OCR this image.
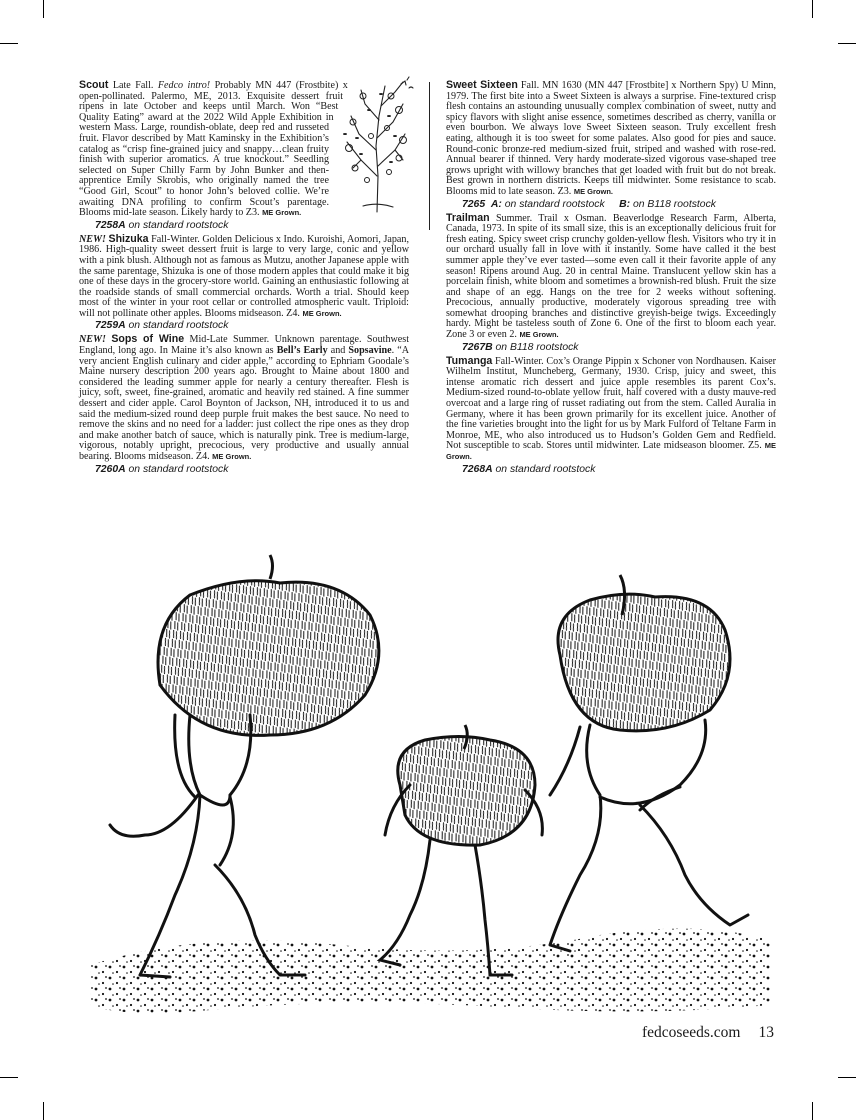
Scout Late Fall. Fedco intro! Probably MN 447 (Frostbite) x open-pollinated. Palermo, ME, 2013. Exquisite dessert fruit ripens in late October and keeps until March. Won “Best Quality Eating” award at the 2022 Wild Apple Exhibition in western Mass. Large, roundish-oblate, deep red and russeted fruit. Flavor described by Matt Kaminsky in the Exhibition’s catalog as “crisp fine-grained juicy and snappy…clean fruity finish with superior aromatics. A true knockout.” Seedling selected on Super Chilly Farm by John Bunker and then-apprentice Emily Skrobis, who originally named the tree “Good Girl, Scout” to honor John’s beloved collie. We’re awaiting DNA profiling to confirm Scout’s parentage. Blooms mid-late season. Likely hardy to Z3. ME Grown.

7258A on standard rootstock

NEW! Shizuka Fall-Winter. Golden Delicious x Indo. Kuroishi, Aomori, Japan, 1986. High-quality sweet dessert fruit is large to very large, conic and yellow with a pink blush. Although not as famous as Mutzu, another Japanese apple with the same parentage, Shizuka is one of those modern apples that could make it big one of these days in the grocery-store world. Gaining an enthusiastic following at the roadside stands of small commercial orchards. Worth a trial. Should keep most of the winter in your root cellar or controlled atmospheric vault. Triploid: will not pollinate other apples. Blooms midseason. Z4. ME Grown.

7259A on standard rootstock

NEW! Sops of Wine Mid-Late Summer. Unknown parentage. Southwest England, long ago. In Maine it’s also known as Bell’s Early and Sopsavine. “A very ancient English culinary and cider apple,” according to Ephriam Goodale’s Maine nursery description 200 years ago. Brought to Maine about 1800 and considered the leading summer apple for nearly a century thereafter. Flesh is juicy, soft, sweet, fine-grained, aromatic and heavily red stained. A fine summer dessert and cider apple. Carol Boynton of Jackson, NH, introduced it to us and said the medium-sized round deep purple fruit makes the best sauce. No need to remove the skins and no need for a ladder: just collect the ripe ones as they drop and make another batch of sauce, which is naturally pink. Tree is medium-large, vigorous, notably upright, precocious, very productive and usually annual bearing. Blooms midseason. Z4. ME Grown.

7260A on standard rootstock

Sweet Sixteen Fall. MN 1630 (MN 447 [Frostbite] x Northern Spy) U Minn, 1979. The first bite into a Sweet Sixteen is always a surprise. Fine-textured crisp flesh contains an astounding unusually complex combination of sweet, nutty and spicy flavors with slight anise essence, sometimes described as cherry, vanilla or even bourbon. We always love Sweet Sixteen season. Truly excellent fresh eating, although it is too sweet for some palates. Also good for pies and sauce. Round-conic bronze-red medium-sized fruit, striped and washed with rose-red. Annual bearer if thinned. Very hardy moderate-sized vigorous vase-shaped tree grows upright with willowy branches that get loaded with fruit but do not break. Best grown in northern districts. Keeps till midwinter. Some resistance to scab. Blooms mid to late season. Z3. ME Grown.

7265 A: on standard rootstock B: on B118 rootstock

Trailman Summer. Trail x Osman. Beaverlodge Research Farm, Alberta, Canada, 1973. In spite of its small size, this is an exceptionally delicious fruit for fresh eating. Spicy sweet crisp crunchy golden-yellow flesh. Visitors who try it in our orchard usually fall in love with it instantly. Some have called it the best summer apple they’ve ever tasted—some even call it their favorite apple of any season! Ripens around Aug. 20 in central Maine. Translucent yellow skin has a porcelain finish, white bloom and sometimes a brownish-red blush. Fruit the size and shape of an egg. Hangs on the tree for 2 weeks without softening. Precocious, annually productive, moderately vigorous spreading tree with somewhat drooping branches and distinctive greyish-beige twigs. Exceedingly hardy. Might be tasteless south of Zone 6. One of the first to bloom each year. Zone 3 or even 2. ME Grown.

7267B on B118 rootstock

Tumanga Fall-Winter. Cox’s Orange Pippin x Schoner von Nordhausen. Kaiser Wilhelm Institut, Muncheberg, Germany, 1930. Crisp, juicy and sweet, this intense aromatic rich dessert and juice apple resembles its parent Cox’s. Medium-sized round-to-oblate yellow fruit, half covered with a dusty mauve-red overcoat and a large ring of russet radiating out from the stem. Called Auralia in Germany, where it has been grown primarily for its excellent juice. Another of the fine varieties brought into the light for us by Mark Fulford of Teltane Farm in Monroe, ME, who also introduced us to Hudson’s Golden Gem and Redfield. Not susceptible to scab. Stores until midwinter. Late midseason bloomer. Z5. ME Grown.

7268A on standard rootstock
fedcoseeds.com 13
